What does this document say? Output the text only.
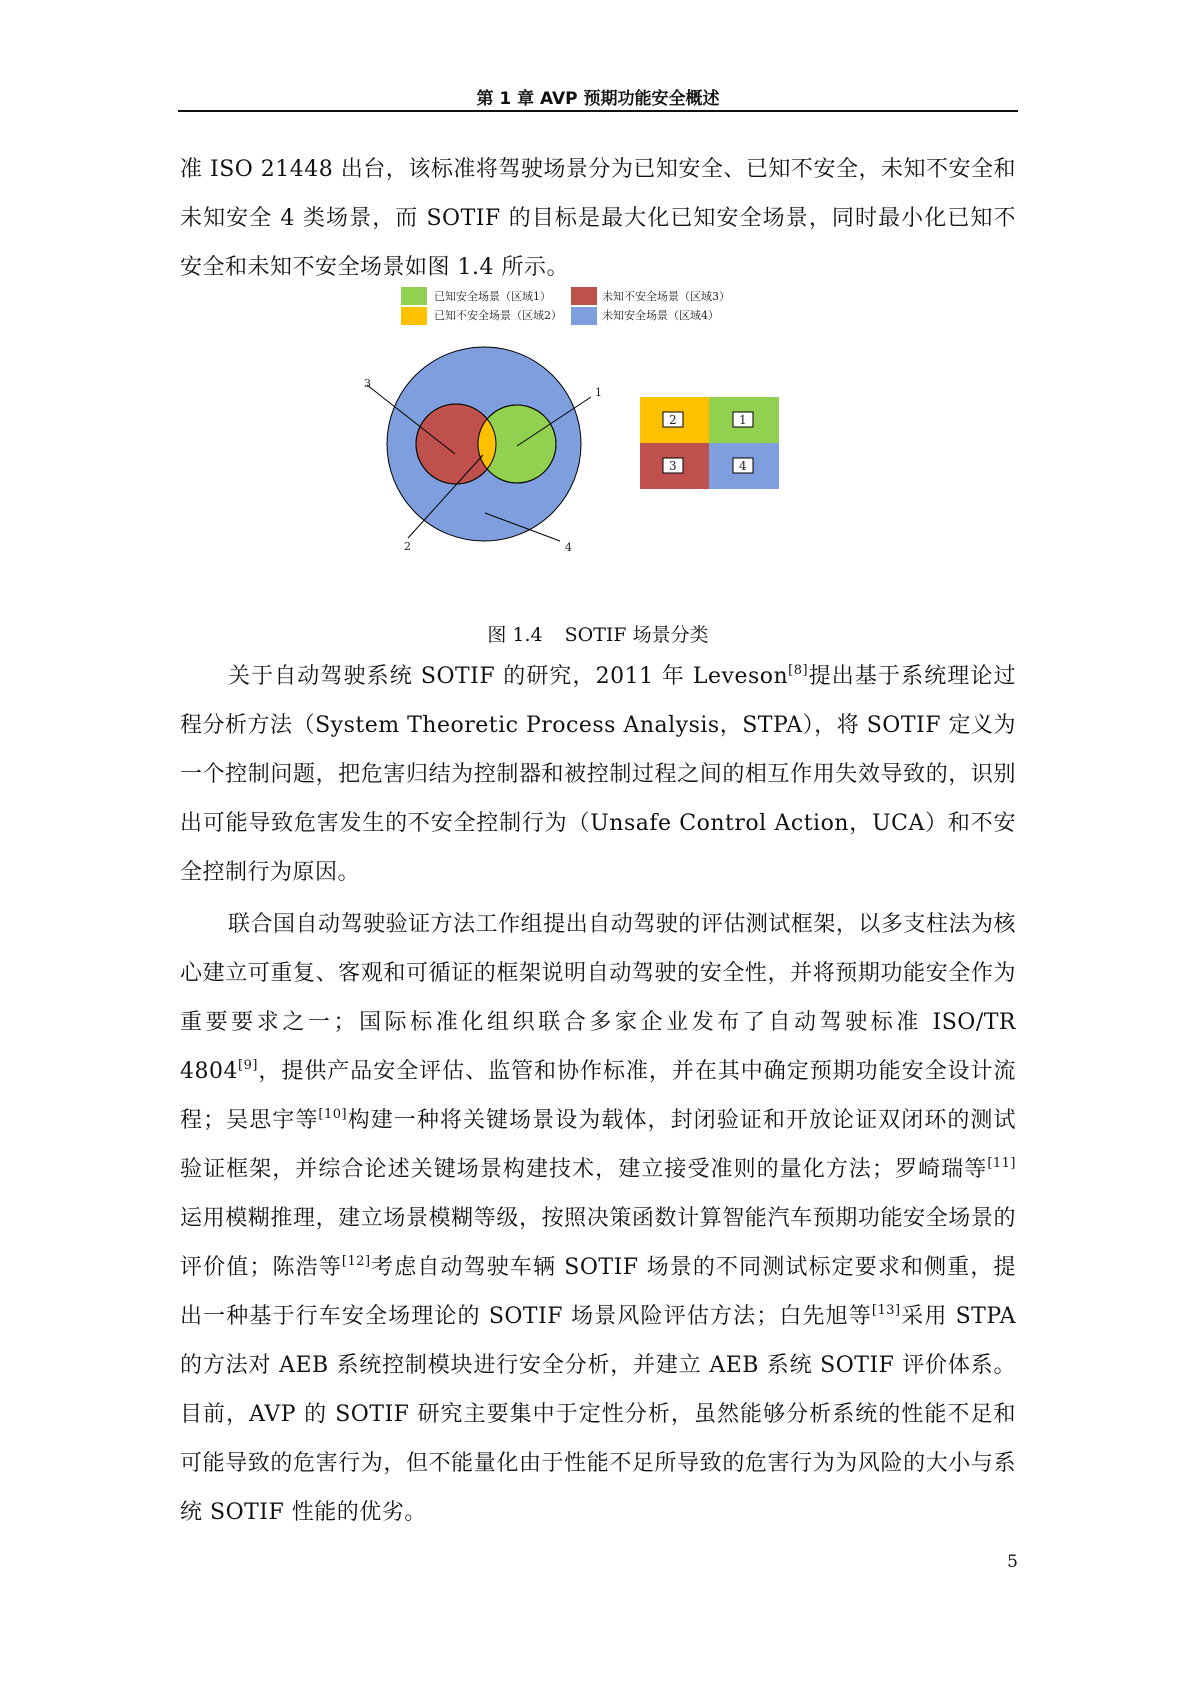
第 1 章 AVP 预期功能安全概述

准 ISO 21448 出台，该标准将驾驶场景分为已知安全、已知不安全，未知不安全和未知安全 4 类场景，而 SOTIF 的目标是最大化已知安全场景，同时最小化已知不安全和未知不安全场景如图 1.4 所示。

已知安全场景（区域1）	未知不安全场景（区域3）
已知不安全场景（区域2）	未知安全场景（区域4）
3
1
2	4
2	1
3	4
图 1.4 SOTIF 场景分类

关于自动驾驶系统 SOTIF 的研究，2011 年 Leveson[8]提出基于系统理论过程分析方法（System Theoretic Process Analysis，STPA），将 SOTIF 定义为一个控制问题，把危害归结为控制器和被控制过程之间的相互作用失效导致的，识别出可能导致危害发生的不安全控制行为（Unsafe Control Action，UCA）和不安全控制行为原因。

联合国自动驾驶验证方法工作组提出自动驾驶的评估测试框架，以多支柱法为核心建立可重复、客观和可循证的框架说明自动驾驶的安全性，并将预期功能安全作为重要要求之一；国际标准化组织联合多家企业发布了自动驾驶标准 ISO/TR 4804[9]，提供产品安全评估、监管和协作标准，并在其中确定预期功能安全设计流程；吴思宇等[10]构建一种将关键场景设为载体，封闭验证和开放论证双闭环的测试验证框架，并综合论述关键场景构建技术，建立接受准则的量化方法；罗崎瑞等[11]运用模糊推理，建立场景模糊等级，按照决策函数计算智能汽车预期功能安全场景的评价值；陈浩等[12]考虑自动驾驶车辆 SOTIF 场景的不同测试标定要求和侧重，提出一种基于行车安全场理论的 SOTIF 场景风险评估方法；白先旭等[13]采用 STPA 的方法对 AEB 系统控制模块进行安全分析，并建立 AEB 系统 SOTIF 评价体系。目前，AVP 的 SOTIF 研究主要集中于定性分析，虽然能够分析系统的性能不足和可能导致的危害行为，但不能量化由于性能不足所导致的危害行为为风险的大小与系统 SOTIF 性能的优劣。

5
